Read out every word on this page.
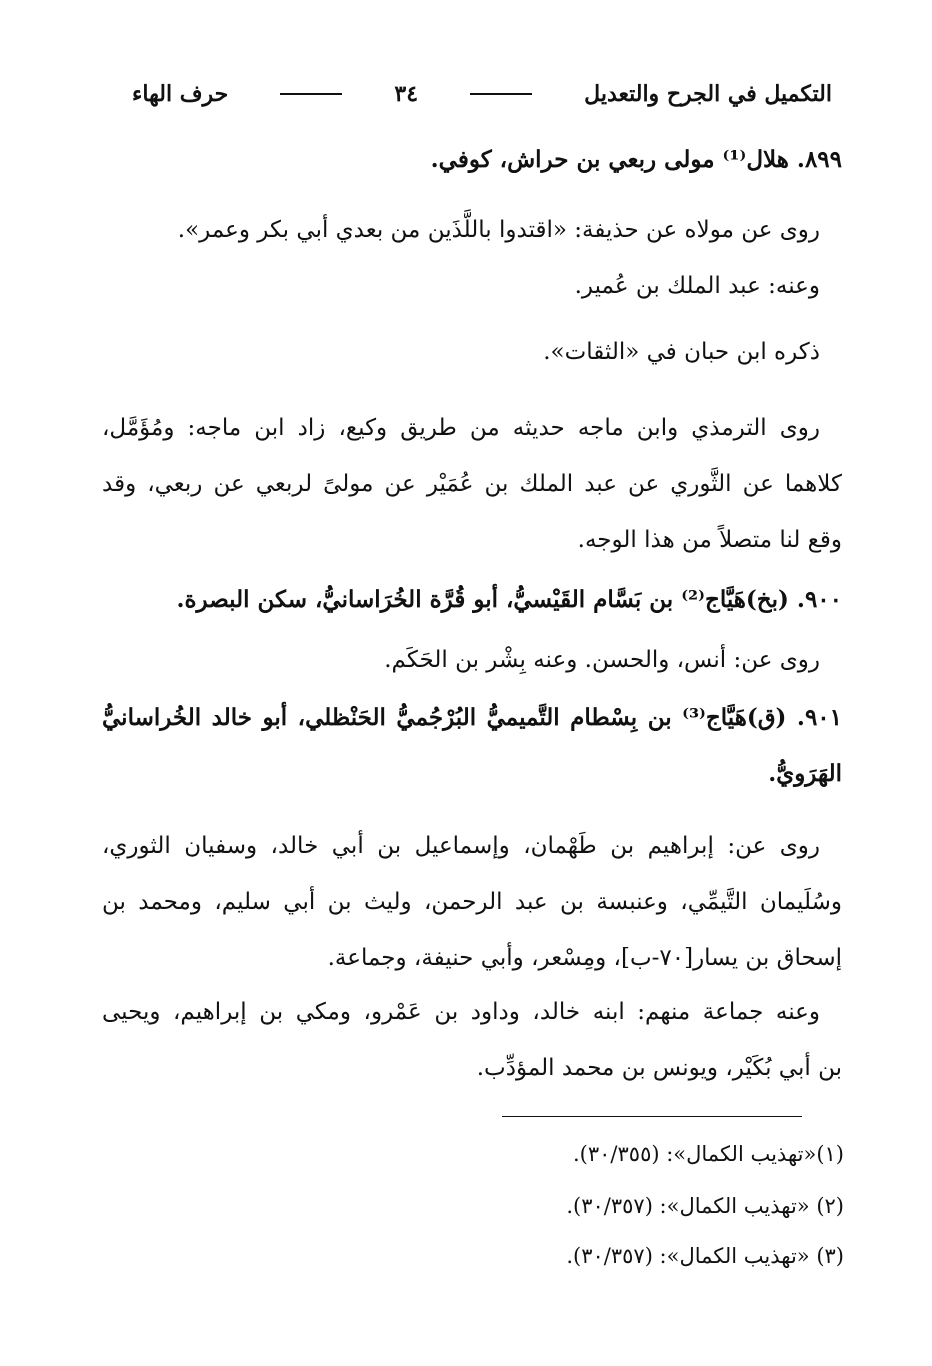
التكميل في الجرح والتعديل
٣٤
حرف الهاء
٨٩٩. هلال⁽¹⁾ مولى ربعي بن حراش، كوفي.
روى عن مولاه عن حذيفة: «اقتدوا باللَّذَين من بعدي أبي بكر وعمر».
وعنه: عبد الملك بن عُمير.
ذكره ابن حبان في «الثقات».
روى الترمذي وابن ماجه حديثه من طريق وكيع، زاد ابن ماجه: ومُؤَمَّل،
كلاهما عن الثَّوري عن عبد الملك بن عُمَيْر عن مولىً لربعي عن ربعي، وقد
وقع لنا متصلاً من هذا الوجه.
٩٠٠. (بخ)هَيَّاج⁽²⁾ بن بَسَّام القَيْسيُّ، أبو قُرَّة الخُرَاسانيُّ، سكن البصرة.
روى عن: أنس، والحسن. وعنه بِشْر بن الحَكَم.
٩٠١. (ق)هَيَّاج⁽³⁾ بن بِسْطام التَّميميُّ البُرْجُميُّ الحَنْظلي، أبو خالد الخُراسانيُّ
الهَرَويُّ.
روى عن: إبراهيم بن طَهْمان، وإسماعيل بن أبي خالد، وسفيان الثوري،
وسُلَيمان التَّيمِّي، وعنبسة بن عبد الرحمن، وليث بن أبي سليم، ومحمد بن
إسحاق بن يسار[٧٠-ب]، ومِسْعر، وأبي حنيفة، وجماعة.
وعنه جماعة منهم: ابنه خالد، وداود بن عَمْرو، ومكي بن إبراهيم، ويحيى
بن أبي بُكَيْر، ويونس بن محمد المؤدِّب.
(١)«تهذيب الكمال»: (٣٠/٣٥٥).
(٢) «تهذيب الكمال»: (٣٠/٣٥٧).
(٣) «تهذيب الكمال»: (٣٠/٣٥٧).
